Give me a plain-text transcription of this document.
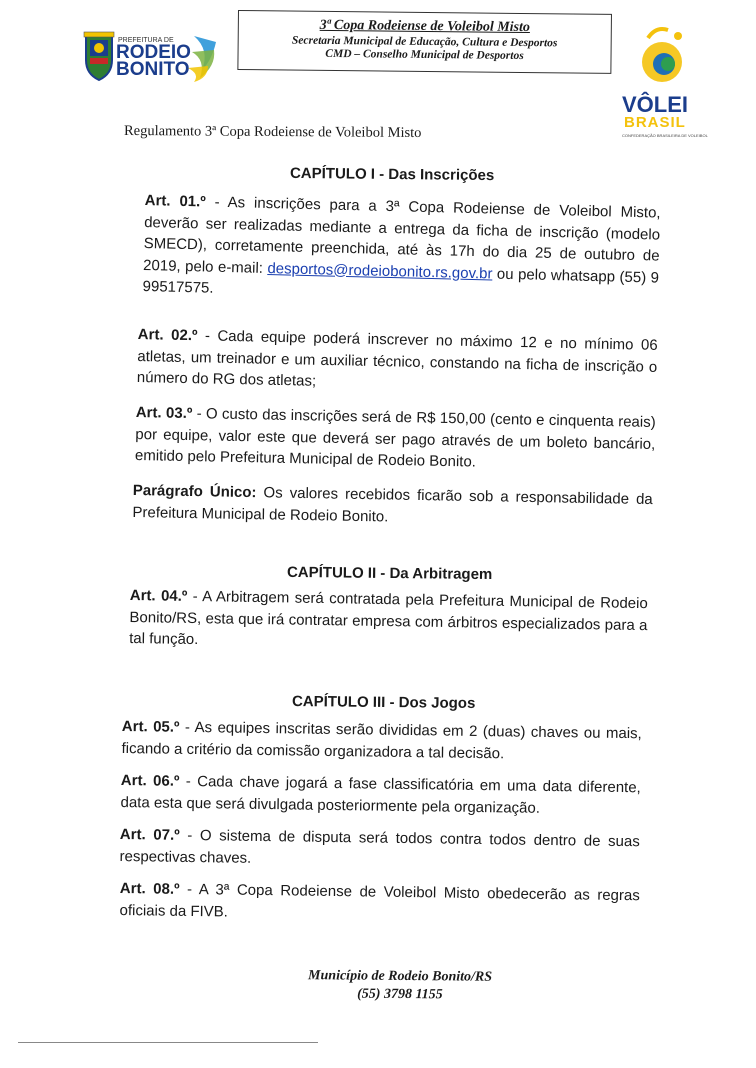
PREFEITURA DE
RODEIO
BONITO
3ª Copa Rodeiense de Voleibol Misto
Secretaria Municipal de Educação, Cultura e Desportos
CMD – Conselho Municipal de Desportos
VÔLEI
BRASIL
CONFEDERAÇÃO BRASILEIRA DE VOLEIBOL
Regulamento 3ª Copa Rodeiense de Voleibol Misto
CAPÍTULO I - Das Inscrições
Art. 01.º - As inscrições para a 3ª Copa Rodeiense de Voleibol Misto, deverão ser realizadas mediante a entrega da ficha de inscrição (modelo SMECD), corretamente preenchida, até às 17h do dia 25 de outubro de 2019, pelo e-mail: desportos@rodeiobonito.rs.gov.br ou pelo whatsapp (55) 9 99517575.
Art. 02.º - Cada equipe poderá inscrever no máximo 12 e no mínimo 06 atletas, um treinador e um auxiliar técnico, constando na ficha de inscrição o número do RG dos atletas;
Art. 03.º - O custo das inscrições será de R$ 150,00 (cento e cinquenta reais) por equipe, valor este que deverá ser pago através de um boleto bancário, emitido pelo Prefeitura Municipal de Rodeio Bonito.
Parágrafo Único: Os valores recebidos ficarão sob a responsabilidade da Prefeitura Municipal de Rodeio Bonito.
CAPÍTULO II - Da Arbitragem
Art. 04.º - A Arbitragem será contratada pela Prefeitura Municipal de Rodeio Bonito/RS, esta que irá contratar empresa com árbitros especializados para a tal função.
CAPÍTULO III - Dos Jogos
Art. 05.º - As equipes inscritas serão divididas em 2 (duas) chaves ou mais, ficando a critério da comissão organizadora a tal decisão.
Art. 06.º - Cada chave jogará a fase classificatória em uma data diferente, data esta que será divulgada posteriormente pela organização.
Art. 07.º - O sistema de disputa será todos contra todos dentro de suas respectivas chaves.
Art. 08.º - A 3ª Copa Rodeiense de Voleibol Misto obedecerão as regras oficiais da FIVB.
Município de Rodeio Bonito/RS
(55) 3798 1155
